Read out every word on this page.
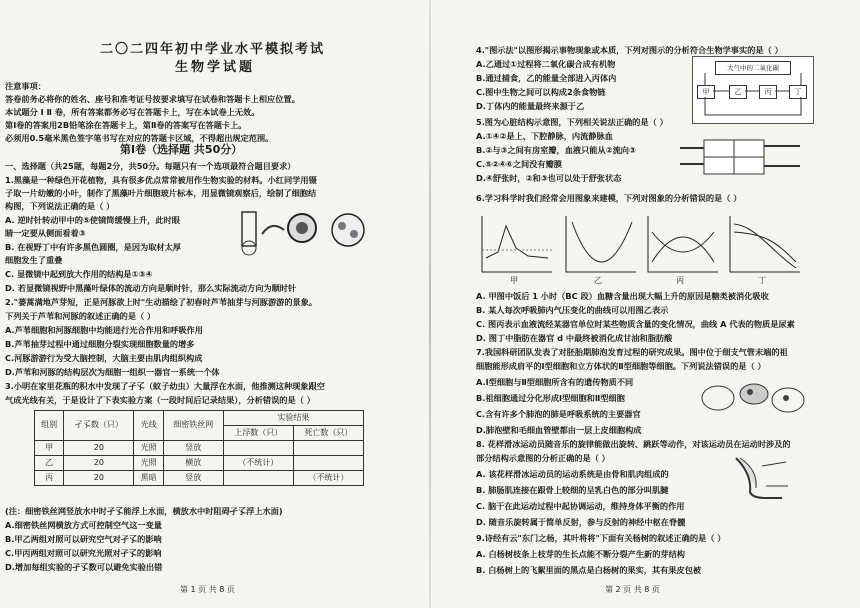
二〇二四年初中学业水平模拟考试
生物学试题
注意事项：
答卷前务必将你的姓名、座号和准考证号按要求填写在试卷和答题卡上相应位置。
本试题分 Ⅰ Ⅱ 卷，所有答案都务必写在答题卡上，写在本试卷上无效。
第Ⅰ卷的答案用2B铅笔涂在答题卡上，第Ⅱ卷的答案写在答题卡上。
必须用0.5毫米黑色签字笔书写在对应的答题卡区域，不得超出规定范围。
第Ⅰ卷（选择题 共50分）
一、选择题（共25题，每题2分，共50分。每题只有一个选项最符合题目要求）
1.黑藻是一种绿色开花植物，具有很多优点常常被用作生物实验的材料。小红同学用镊
子取一片幼嫩的小叶，制作了黑藻叶片细胞玻片标本，用显微镜观察后，绘制了细胞结
构图，下列说法正确的是（ ）
A. 逆时针转动甲中的⑤使镜筒缓慢上升，此时眼
睛一定要从侧面看着③
B. 在视野丁中有许多黑色圆圈，是因为取材太厚
细胞发生了重叠
C. 显微镜中起到放大作用的结构是①③④
D. 若显微镜视野中黑藻叶绿体的流动方向是顺时针，那么实际流动方向为顺时针
2."蒌蒿满地芦芽短，正是河豚欲上时"生动描绘了初春时芦苇抽芽与河豚游游的景象。
下列关于芦苇和河豚的叙述正确的是（ ）
A.芦苇细胞和河豚细胞中均能进行光合作用和呼吸作用
B.芦苇抽芽过程中通过细胞分裂实现细胞数量的增多
C.河豚游游行为受大脑控制，大脑主要由肌肉组织构成
D.芦苇和河豚的结构层次为细胞一组织一器官一系统一个体
3.小明在家里花瓶的积水中发现了孑孓（蚊子幼虫）大量浮在水面，他推测这种现象跟空
气成光线有关，于是设计了下表实验方案（一段时间后记录结果），分析错误的是（ ）
组别	孑孓数（只）	光线	细密铁丝网	实验结果	
				上浮数（只）	死亡数（只）
甲	20	光照	竖放		
乙	20	光照	横放	（不统计）	
丙	20	黑暗	竖放		（不统计）
(注：细密铁丝网竖放水中时孑孓能浮上水面，横放水中时阻碍孑孓浮上水面)
A.细密铁丝网横放方式可控制空气这一变量
B.甲乙两组对照可以研究空气对孑孓的影响
C.甲丙两组对照可以研究光照对孑孓的影响
D.增加每组实验的孑孓数可以避免实验出错
第 1 页 共 8 页
4."图示法"以图形揭示事物现象或本质，下列对图示的分析符合生物学事实的是（ ）
A.乙通过①过程将二氧化碳合成有机物
B.通过捕食，乙的能量全部进入丙体内
C.图中生物之间可以构成2条食物链
D.丁体内的能量最终来源于乙
大气中的二氧化碳
甲	乙	丙	丁
5.图为心脏结构示意图，下列相关说法正确的是（ ）
A.①④②是上、下腔静脉，内流静脉血
B.②与③之间有房室瓣，血液只能从②流向③
C.⑤②④⑥之间没有瓣膜
D.④舒张时，②和③也可以处于舒张状态
6.学习科学时我们经常会用图象来建模，下列对图象的分析错误的是（ ）
甲	乙	丙	丁
A. 甲图中饭后 1 小时（BC 段）血糖含量出现大幅上升的原因是糖类被消化吸收
B. 某人每次呼吸肺内气压变化的曲线可以用图乙表示
C. 图丙表示血液流经某器官单位时某些物质含量的变化情况，曲线 A 代表的物质是尿素
D. 图丁中脂肪在器官 d 中最终被消化成甘油和脂肪酸
7.我国科研团队发表了对胚胎期肺泡发育过程的研究成果。图中位于细支气管末端的祖
细胞能形成肩平的Ⅰ型细胞和立方体状的Ⅱ型细胞等细胞。下列说法错误的是（ ）
A.Ⅰ型细胞与Ⅱ型细胞所含有的遗传物质不同
B.祖细胞通过分化形成Ⅰ型细胞和Ⅱ型细胞
C.含有许多个肺泡的肺是呼吸系统的主要器官
D.肺泡壁和毛细血管壁都由一层上皮细胞构成
8. 花样滑冰运动员随音乐的旋律能做出旋转、跳跃等动作，对该运动员在运动时涉及的
部分结构示意图的分析正确的是（ ）
A. 该花样滑冰运动员的运动系统是由骨和肌肉组成的
B. 肺肠肌连接在跟骨上较细的呈乳白色的部分叫肌腱
C. 脑干在此运动过程中起协调运动，维持身体平衡的作用
D. 随音乐旋转属于简单反射，参与反射的神经中枢在脊髓
9.诗经有云"东门之杨，其叶将将"下面有关杨树的叙述正确的是（ ）
A. 白杨树枝条上枝芽的生长点能不断分裂产生新的芽结构
B. 白杨树上的飞絮里面的黑点是白杨树的果实，其有果皮包被
第 2 页 共 8 页
